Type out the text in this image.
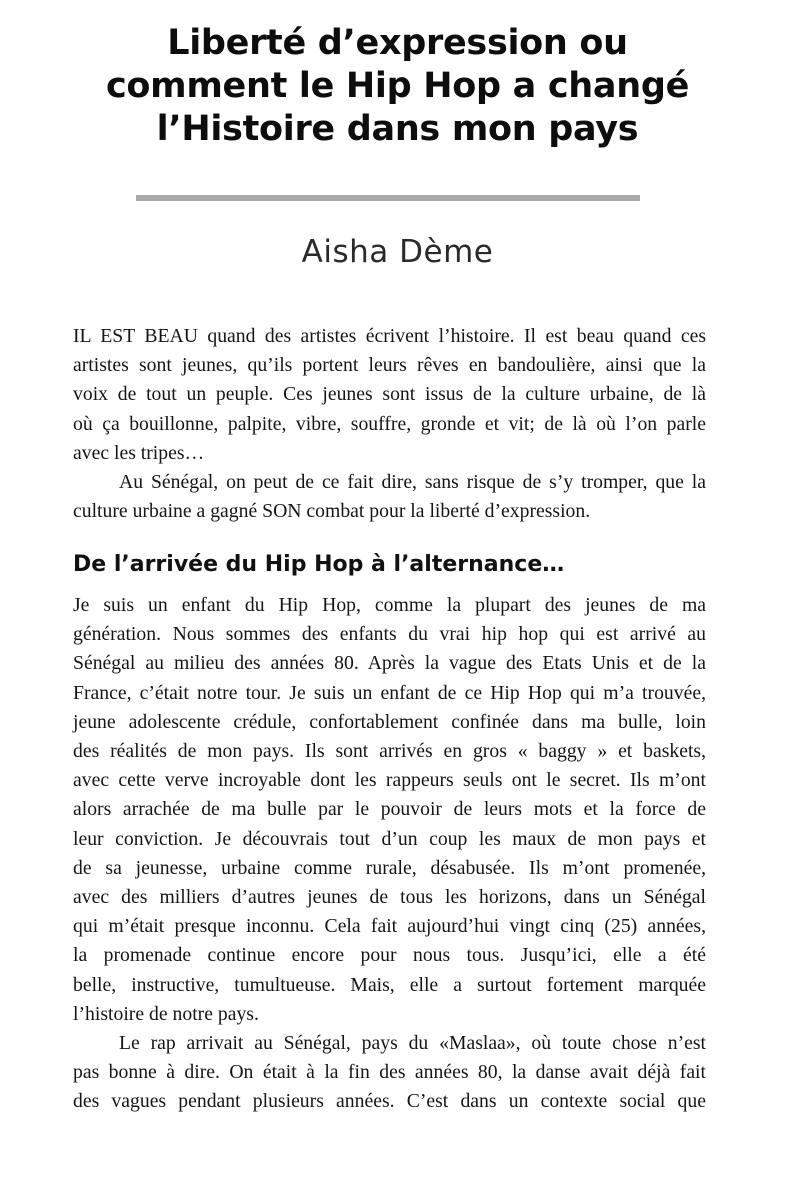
Liberté d’expression ou
comment le Hip Hop a changé
l’Histoire dans mon pays
Aisha Dème

IL EST BEAU quand des artistes écrivent l’histoire. Il est beau quand ces
artistes sont jeunes, qu’ils portent leurs rêves en bandoulière, ainsi que la
voix de tout un peuple. Ces jeunes sont issus de la culture urbaine, de là
où ça bouillonne, palpite, vibre, souffre, gronde et vit; de là où l’on parle
avec les tripes…

Au Sénégal, on peut de ce fait dire, sans risque de s’y tromper, que la
culture urbaine a gagné SON combat pour la liberté d’expression.

De l’arrivée du Hip Hop à l’alternance…

Je suis un enfant du Hip Hop, comme la plupart des jeunes de ma
génération. Nous sommes des enfants du vrai hip hop qui est arrivé au
Sénégal au milieu des années 80. Après la vague des Etats Unis et de la
France, c’était notre tour. Je suis un enfant de ce Hip Hop qui m’a trouvée,
jeune adolescente crédule, confortablement confinée dans ma bulle, loin
des réalités de mon pays. Ils sont arrivés en gros « baggy » et baskets,
avec cette verve incroyable dont les rappeurs seuls ont le secret. Ils m’ont
alors arrachée de ma bulle par le pouvoir de leurs mots et la force de
leur conviction. Je découvrais tout d’un coup les maux de mon pays et
de sa jeunesse, urbaine comme rurale, désabusée. Ils m’ont promenée,
avec des milliers d’autres jeunes de tous les horizons, dans un Sénégal
qui m’était presque inconnu. Cela fait aujourd’hui vingt cinq (25) années,
la promenade continue encore pour nous tous. Jusqu’ici, elle a été
belle, instructive, tumultueuse. Mais, elle a surtout fortement marquée
l’histoire de notre pays.

Le rap arrivait au Sénégal, pays du «Maslaa», où toute chose n’est
pas bonne à dire. On était à la fin des années 80, la danse avait déjà fait
des vagues pendant plusieurs années. C’est dans un contexte social que
